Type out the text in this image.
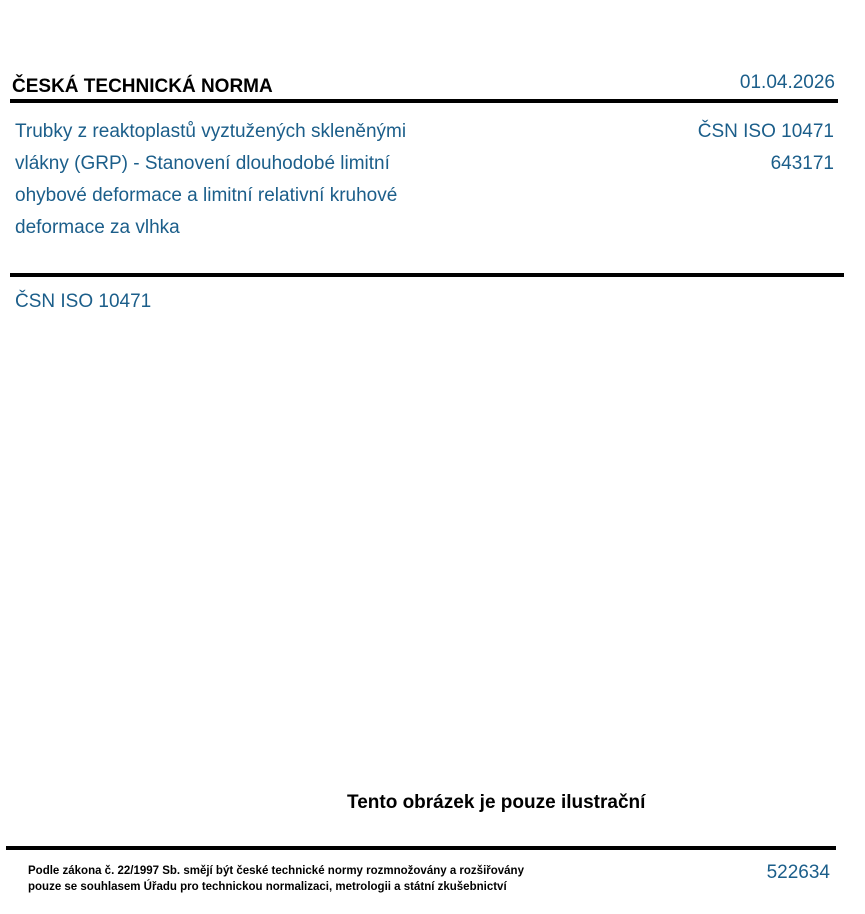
ČESKÁ TECHNICKÁ NORMA	01.04.2026
Trubky z reaktoplastů vyztužených skleněnými
vlákny (GRP) - Stanovení dlouhodobé limitní
ohybové deformace a limitní relativní kruhové
deformace za vlhka
ČSN ISO 10471
643171
ČSN ISO 10471
Tento obrázek je pouze ilustrační
Podle zákona č. 22/1997 Sb. smějí být české technické normy rozmnožovány a rozšiřovány
pouze se souhlasem Úřadu pro technickou normalizaci, metrologii a státní zkušebnictví
522634
